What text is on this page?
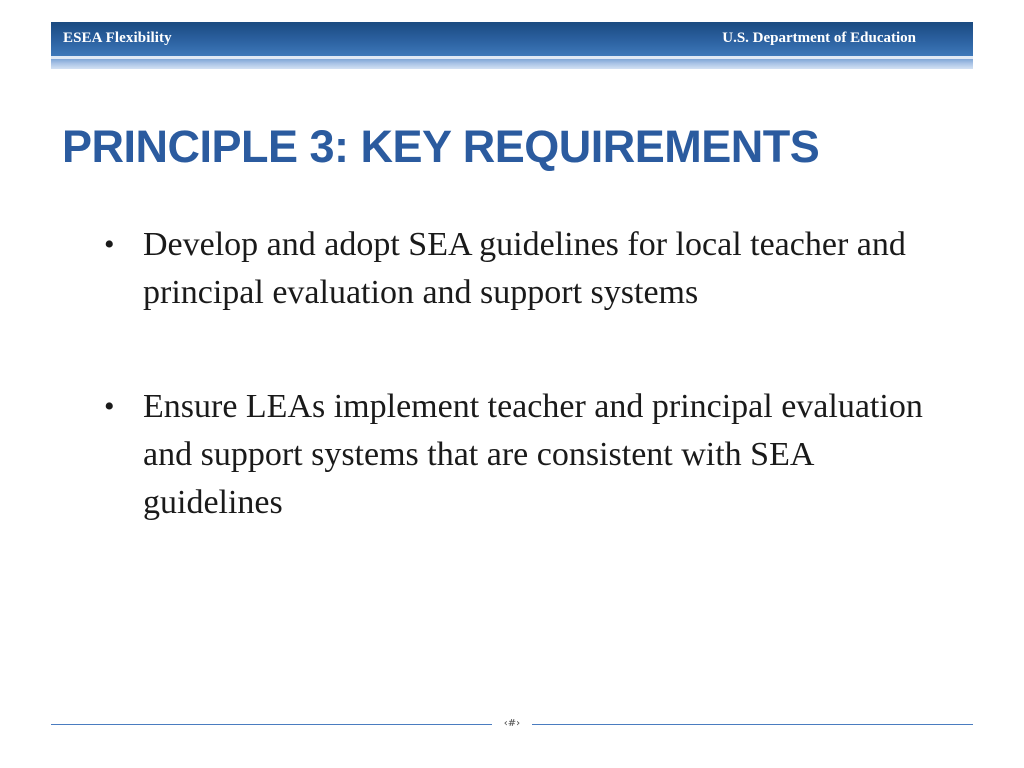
ESEA Flexibility	U.S. Department of Education
PRINCIPLE 3: KEY REQUIREMENTS
• Develop and adopt SEA guidelines for local teacher and principal evaluation and support systems
• Ensure LEAs implement teacher and principal evaluation and support systems that are consistent with SEA guidelines
‹#›
